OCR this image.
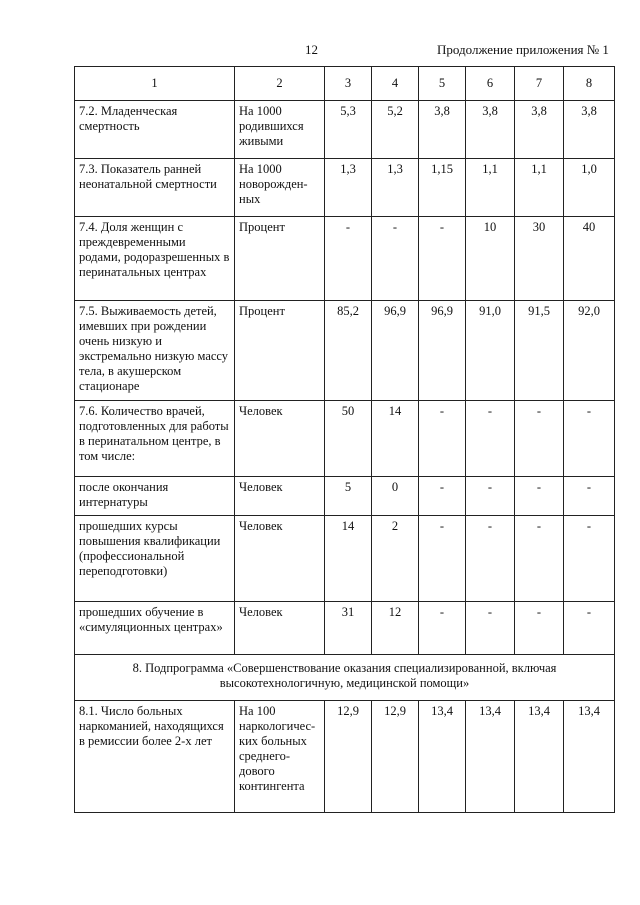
12	Продолжение приложения № 1
1	2	3	4	5	6	7	8
7.2. Младенческая смертность	На 1000 родившихся живыми	5,3	5,2	3,8	3,8	3,8	3,8
7.3. Показатель ранней неонатальной смертности	На 1000 новорожден-ных	1,3	1,3	1,15	1,1	1,1	1,0
7.4. Доля женщин с преждевременными родами, родоразрешенных в перинатальных центрах	Процент	-	-	-	10	30	40
7.5. Выживаемость детей, имевших при рождении очень низкую и экстремально низкую массу тела, в акушерском стационаре	Процент	85,2	96,9	96,9	91,0	91,5	92,0
7.6. Количество врачей, подготовленных для работы в перинатальном центре, в том числе:	Человек	50	14	-	-	-	-
после окончания интернатуры	Человек	5	0	-	-	-	-
прошедших курсы повышения квалификации (профессиональной переподготовки)	Человек	14	2	-	-	-	-
прошедших обучение в «симуляционных центрах»	Человек	31	12	-	-	-	-
8. Подпрограмма «Совершенствование оказания специализированной, включая высокотехнологичную, медицинской помощи»							
8.1. Число больных наркоманией, находящихся в ремиссии более 2-х лет	На 100 наркологичес-ких больных среднего-дового контингента	12,9	12,9	13,4	13,4	13,4	13,4
